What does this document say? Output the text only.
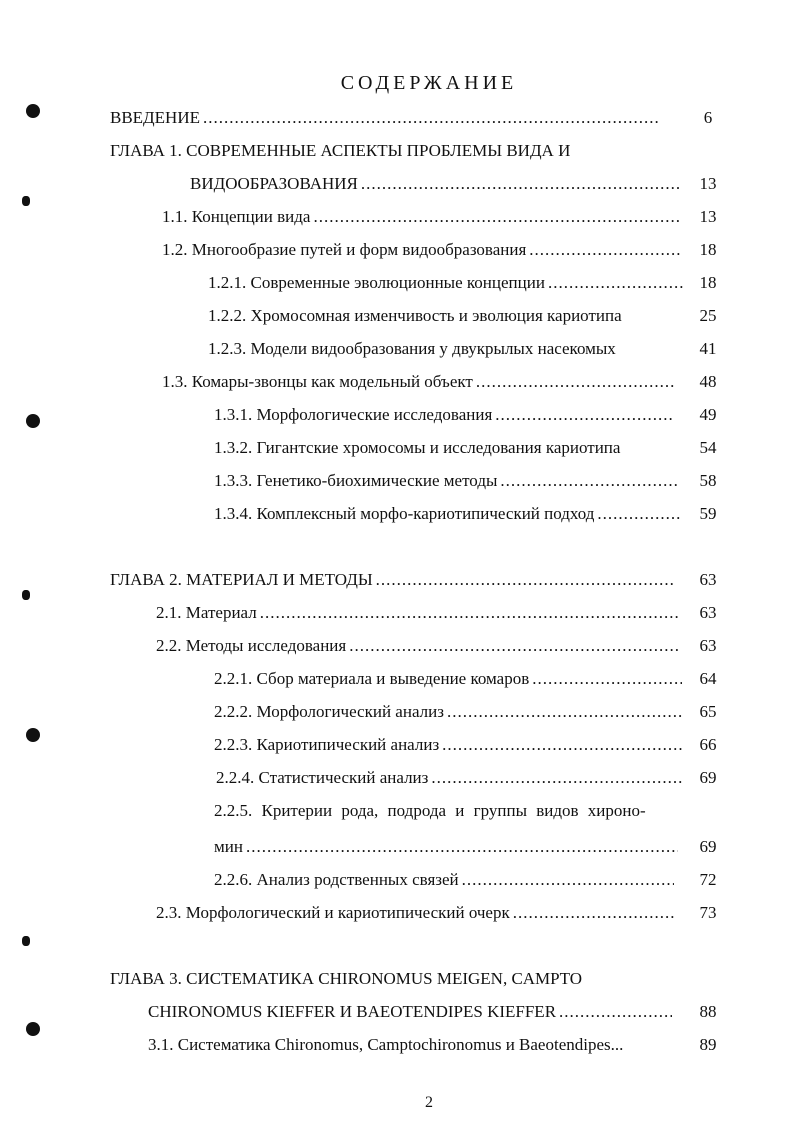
СОДЕРЖАНИЕ
ВВЕДЕНИЕ .....	6
ГЛАВА 1. СОВРЕМЕННЫЕ АСПЕКТЫ ПРОБЛЕМЫ ВИДА И
ВИДООБРАЗОВАНИЯ .....	13
1.1. Концепции вида .....	13
1.2. Многообразие путей и форм видообразования .....	18
1.2.1. Современные эволюционные концепции .....	18
1.2.2. Хромосомная изменчивость и эволюция кариотипа	25
1.2.3. Модели видообразования у двукрылых насекомых	41
1.3. Комары-звонцы как модельный объект .....	48
1.3.1. Морфологические исследования .....	49
1.3.2. Гигантские хромосомы и исследования кариотипа	54
1.3.3. Генетико-биохимические методы .....	58
1.3.4. Комплексный морфо-кариотипический подход .....	59
ГЛАВА 2. МАТЕРИАЛ И МЕТОДЫ .....	63
2.1. Материал .....	63
2.2. Методы исследования .....	63
2.2.1. Сбор материала и выведение комаров .....	64
2.2.2. Морфологический анализ .....	65
2.2.3. Кариотипический анализ .....	66
2.2.4. Статистический анализ .....	69
2.2.5. Критерии рода, подрода и группы видов хироно-
мин .....	69
2.2.6. Анализ родственных связей .....	72
2.3. Морфологический и кариотипический очерк .....	73
ГЛАВА 3. СИСТЕМАТИКА CHIRONOMUS MEIGEN, CAMPTO
CHIRONOMUS KIEFFER И BAEOTENDIPES KIEFFER .....	88
3.1. Систематика Chironomus, Camptochironomus и Baeotendipes...	89
2
